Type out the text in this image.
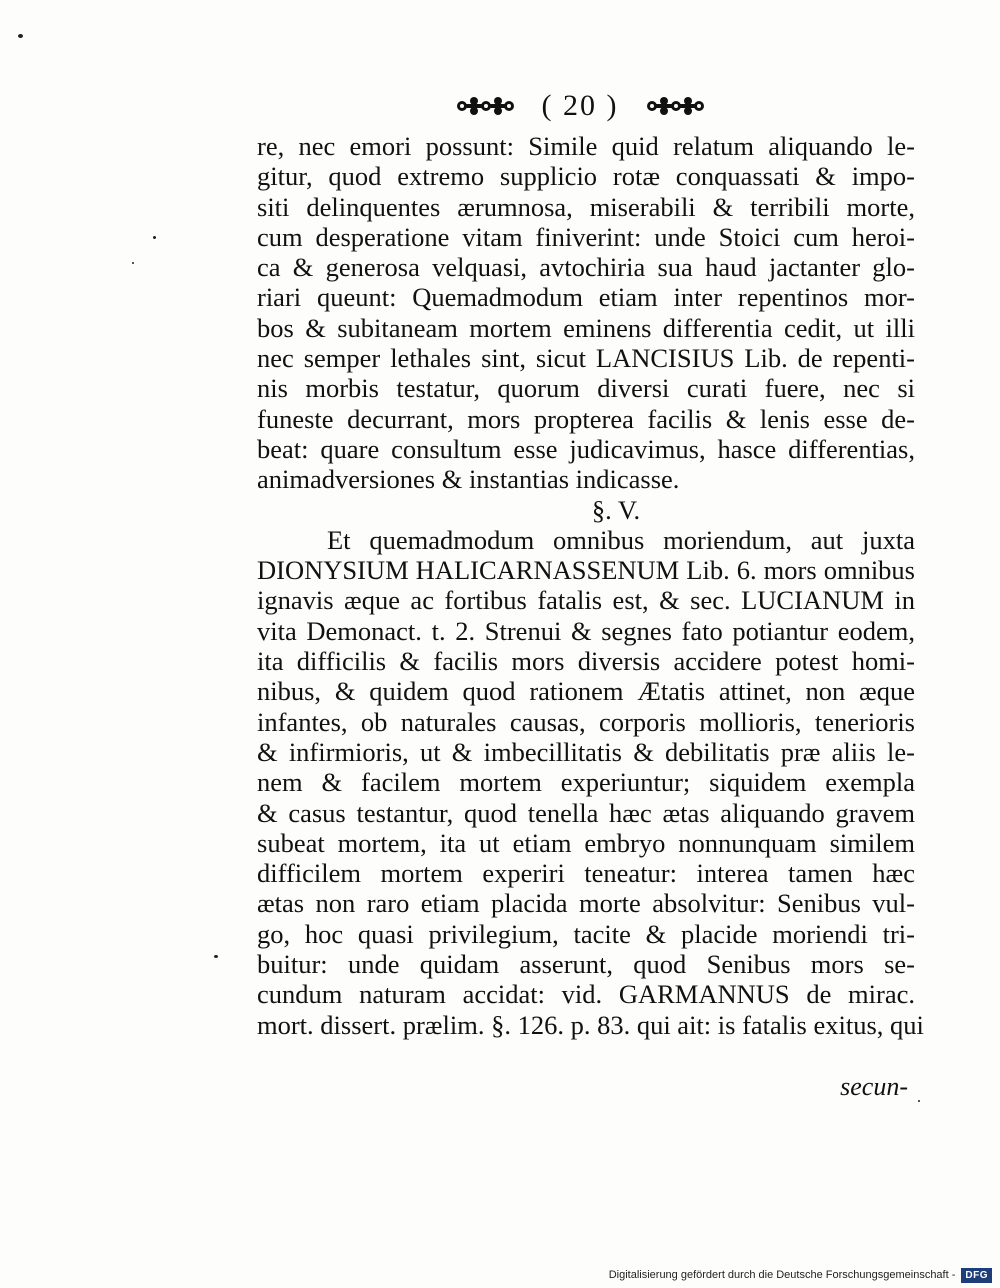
( 20 )
re, nec emori possunt: Simile quid relatum aliquando le-
gitur, quod extremo supplicio rotæ conquassati & impo-
siti delinquentes ærumnosa, miserabili & terribili morte,
cum desperatione vitam finiverint: unde Stoici cum heroi-
ca & generosa velquasi, avtochiria sua haud jactanter glo-
riari queunt: Quemadmodum etiam inter repentinos mor-
bos & subitaneam mortem eminens differentia cedit, ut illi
nec semper lethales sint, sicut LANCISIUS Lib. de repenti-
nis morbis testatur, quorum diversi curati fuere, nec si
funeste decurrant, mors propterea facilis & lenis esse de-
beat: quare consultum esse judicavimus, hasce differentias,
animadversiones & instantias indicasse.
§. V.
Et quemadmodum omnibus moriendum, aut juxta
DIONYSIUM HALICARNASSENUM Lib. 6. mors omnibus
ignavis æque ac fortibus fatalis est, & sec. LUCIANUM in
vita Demonact. t. 2. Strenui & segnes fato potiantur eodem,
ita difficilis & facilis mors diversis accidere potest homi-
nibus, & quidem quod rationem Ætatis attinet, non æque
infantes, ob naturales causas, corporis mollioris, tenerioris
& infirmioris, ut & imbecillitatis & debilitatis præ aliis le-
nem & facilem mortem experiuntur; siquidem exempla
& casus testantur, quod tenella hæc ætas aliquando gravem
subeat mortem, ita ut etiam embryo nonnunquam similem
difficilem mortem experiri teneatur: interea tamen hæc
ætas non raro etiam placida morte absolvitur: Senibus vul-
go, hoc quasi privilegium, tacite & placide moriendi tri-
buitur: unde quidam asserunt, quod Senibus mors se-
cundum naturam accidat: vid. GARMANNUS de mirac.
mort. dissert. prælim. §. 126. p. 83. qui ait: is fatalis exitus, qui
secun-
Digitalisierung gefördert durch die Deutsche Forschungsgemeinschaft -	DFG
